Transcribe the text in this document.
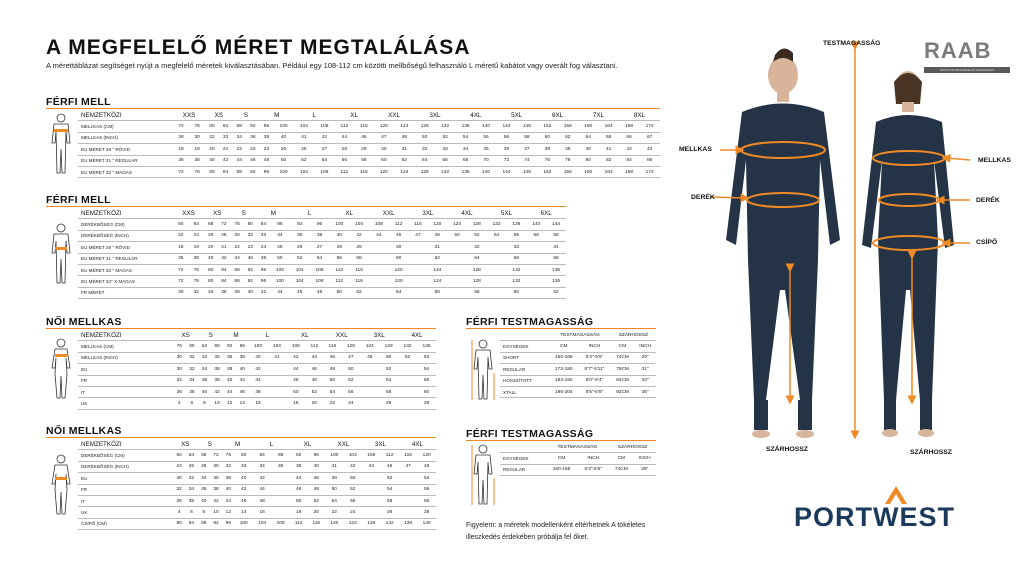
A MEGFELELŐ MÉRET MEGTALÁLÁSA
A mérettáblázat segítséget nyújt a megfelelő méretek kiválasztásában. Például egy 108-112 cm közötti mellbőségű felhasználó L méretű kabátot vagy overált fog választani.
RAAB
KÖZÖS MUNKAVÉDELMI KERESKEDŐ
FÉRFI MELL
FÉRFI MELL
NŐI MELLKAS
NŐI MELLKAS
FÉRFI TESTMAGASSÁG
FÉRFI TESTMAGASSÁG
NEMZETKÖZI	XXS		XS		S		M		L		XL		XXL		3XL		4XL		5XL		6XL		7XL		8XL	
MELLKAS (CM)	72	76	80	84	88	92	96	100	104	108	112	116	120	124	128	132	136	140	144	148	152	156	160	164	168	172
MELLKAS (INCH)	28	30	32	33	34	36	38	40	41	42	44	46	47	48	50	52	54	55	56	58	60	62	64	65	66	67
EU MÉRET 29 '' RÖVID	18	19	20	21	22	23	24	25	26	27	28	29	30	31	32	33	34	35	36	37	38	39	40	41	42	43
EU MÉRET 31 '' REGULAR	36	38	40	42	44	46	48	50	52	54	56	58	60	62	64	66	68	70	72	74	76	78	80	82	84	86
EU MÉRET 33 '' MAGAS	72	76	80	84	88	92	96	100	104	108	112	116	120	124	128	132	136	140	144	148	152	156	160	164	168	172
NEMZETKÖZI	XXS		XS		S		M		L		XL		XXL		3XL		4XL		5XL		6XL	
DERÉKBŐSÉG (CM)	60	64	68	72	76	80	84	88	92	96	100	104	108	112	116	120	124	128	132	136	140	144
DERÉKBŐSÉG (INCH)	22	24	26	28	30	32	33	34	36	38	40	42	44	46	47	48	50	52	54	55	56	58
EU MÉRET 29 '' RÖVID	18	19	20	21	22	23	24	25	26	27	28	29		30		31		32		33		34
EU MÉRET 31 '' REGULAR	36	38	40	42	44	46	48	50	52	54	56	58		60		62		64		66		68
EU MÉRET 33 '' MAGAS	72	76	80	84	88	92	96	100	104	108	112	116		120		124		128		132		136
EU MÉRET 34'' X MAGAS	72	76	80	84	88	92	96	100	104	108	112	116		120		124		128		132		136
FR MÉRET	30	32	34	36	38	40	42	44	46	48	50	52		54		56		58		60		62
NEMZETKÖZI	XS		S		M		L		XL		XXL		3XL		4XL	
MELLKAS (CM)	76	80	84	88	92	96	100	104	108	112	116	120	124	128	132	136
MELLKAS (INCH)	30	32	34	35	36	38	40	41	42	44	46	47	48	50	52	53
EU	30	32	34	36	38	40	42		44	46	48	50		52		54
FR	32	34	36	38	40	42	44		46	48	50	52		54		56
IT	36	38	40	42	44	46	48		50	52	54	56		58		60
UK	4	6	8	10	12	14	16		18	20	22	24		26		28
NEMZETKÖZI	XS		S		M		L		XL		XXL		3XL		4XL	
DERÉKBŐSÉG (CM)	60	64	68	72	76	80	84	88	92	96	100	104	108	112	116	120
DERÉKBŐSÉG (INCH)	24	26	28	30	32	33	34	36	38	40	41	42	44	46	47	48
EU	30	32	34	36	38	40	42		44	46	48	50		52		54
FR	32	34	36	38	40	42	44		46	48	50	52		54		56
IT	36	38	40	42	44	46	48		50	52	54	56		58		60
UK	4	6	8	10	12	14	16		18	20	22	24		26		28
CSÍPŐ (CM)	80	84	88	92	96	100	104	108	112	116	120	124	128	132	136	140
	TESTMAGASSÁG		SZÁRHOSSZ	
EGYSÉGEK	CM	INCH	CM	INCH
SHORT	160-168	5'3"-5'6"	74CM	29"
REGULAR	172-180	5'7"-5'11"	79CM	31"
HOSSZÍTOTT	184-192	6'0"-6'4"	84CM	33"
XTALL	196-204	6'5"-6'8"	92CM	36"
	TESTMAGASSÁG		SZÁRHOSSZ	
EGYSÉGEK	CM	INCH	CM	INCH
REGULAR	160-168	5'3"-5'6"	74CM	29"
Figyelem: a méretek modellenként eltérhetnek A tökéletes illeszkedés érdekében próbálja fel őket.
MELLKAS
DERÉK
TESTMAGASSÁG
MELLKAS
DERÉK
CSÍPŐ
SZÁRHOSSZ	SZÁRHOSSZ
PORTWEST
